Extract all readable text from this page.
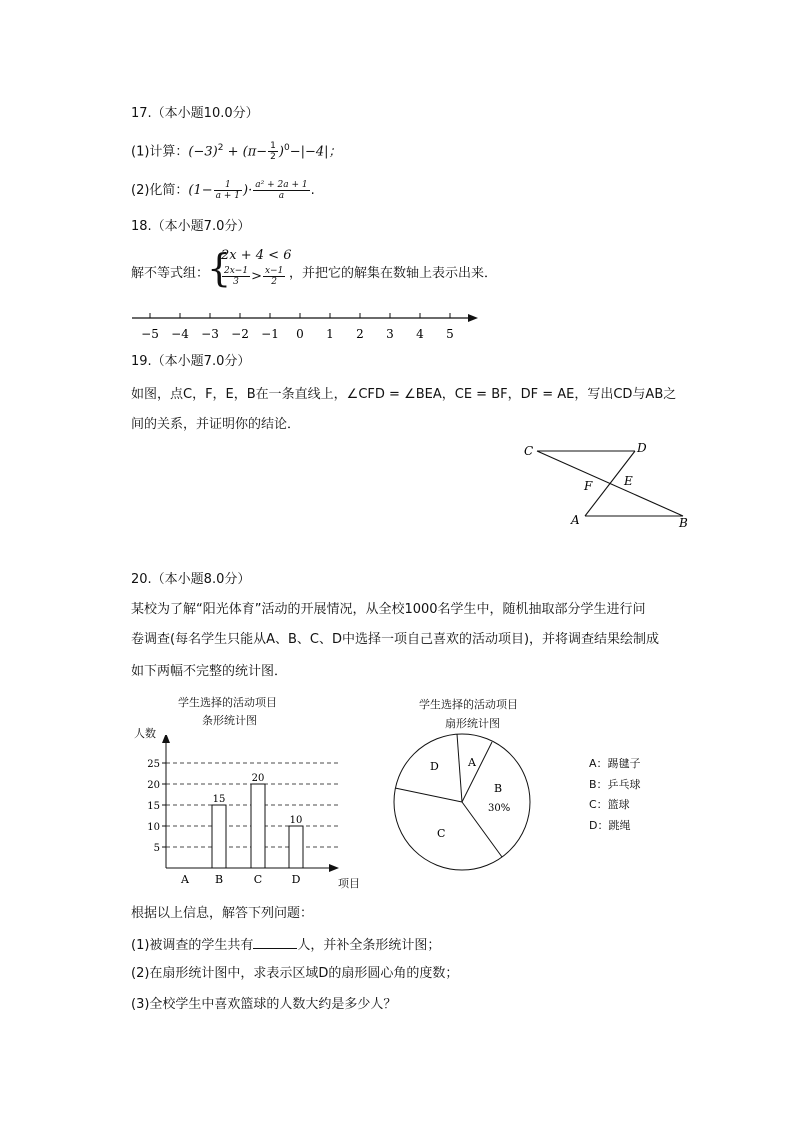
17.（本小题10.0分）
(1)计算：$(-3)^2 + (\pi- \frac{1}{2} )^0-|-4|$；
(2)化简：($1- \frac{1}{a + 1}$ )· $\frac{\text{a² + 2a + 1}}{a}$ .
18.（本小题7.0分）
解不等式组：
{
2x + 4 < 6
$\frac{2x-1}{3} > \frac{x-1}{2}$ ，并把它的解集在数轴上表示出来．
−5 −4 −3 −2 −1 0 1 2 3 4 5
19.（本小题7.0分）
如图，点C，F，E，B在一条直线上，∠CFD = ∠BEA，CE = BF，DF = AE，写出CD与AB之
间的关系，并证明你的结论．
C	D
F	E
A	B
20.（本小题8.0分）
某校为了解“阳光体育”活动的开展情况，从全校1000名学生中，随机抽取部分学生进行问
卷调查(每名学生只能从A、B、C、D中选择一项自己喜欢的活动项目)，并将调查结果绘制成
如下两幅不完整的统计图．
学生选择的活动项目
条形统计图
人数
项目
5
10
15
20
25
A B
15
C
20
D
10
学生选择的活动项目
扇形统计图
A
B
30%
C
D	A：踢毽子
B：乒乓球
C：篮球
D：跳绳
根据以上信息，解答下列问题：
(1)被调查的学生共有	人，并补全条形统计图；
(2)在扇形统计图中，求表示区域D的扇形圆心角的度数；
(3)全校学生中喜欢篮球的人数大约是多少人？
